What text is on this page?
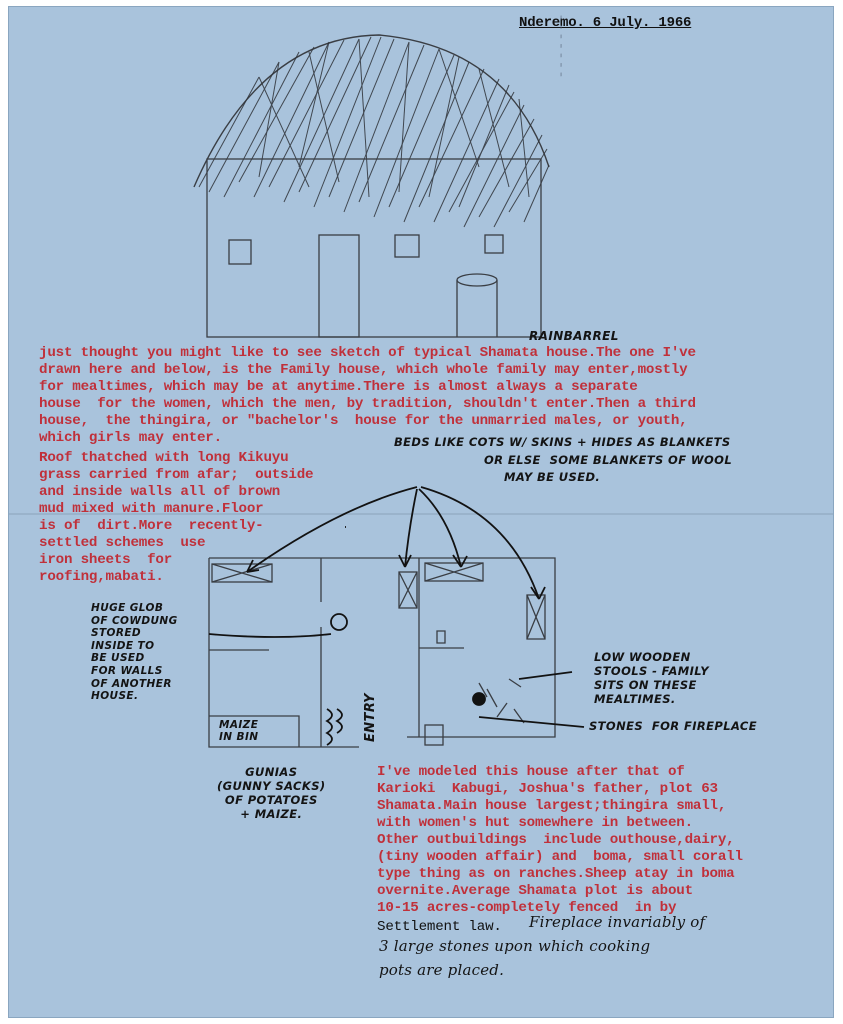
Nderemo. 6 July. 1966
- - - - - - -
RAINBARREL
just thought you might like to see sketch of typical Shamata house.The one I've
drawn here and below, is the Family house, which whole family may enter,mostly
for mealtimes, which may be at anytime.There is almost always a separate
house  for the women, which the men, by tradition, shouldn't enter.Then a third
house,  the thingira, or "bachelor's  house for the unmarried males, or youth,
which girls may enter.	BEDS LIKE COTS W/ SKINS + HIDES AS BLANKETS
OR ELSE  SOME BLANKETS OF WOOL
MAY BE USED.
Roof thatched with long Kikuyu
grass carried from afar;  outside
and inside walls all of brown
mud mixed with manure.Floor
is of  dirt.More  recently-
settled schemes  use
iron sheets  for
roofing,mabati.
HUGE GLOB
OF COWDUNG
STORED
INSIDE TO
BE USED
FOR WALLS
OF ANOTHER
HOUSE.
LOW WOODEN
STOOLS - FAMILY
SITS ON THESE
MEALTIMES.
STONES  FOR FIREPLACE
MAIZE
IN BIN	ENTRY
GUNIAS
(GUNNY SACKS)
OF POTATOES
+ MAIZE.
I've modeled this house after that of
Karioki  Kabugi, Joshua's father, plot 63
Shamata.Main house largest;thingira small,
with women's hut somewhere in between.
Other outbuildings  include outhouse,dairy,
(tiny wooden affair) and  boma, small corall
type thing as on ranches.Sheep atay in boma
overnite.Average Shamata plot is about
10-15 acres-completely fenced  in by
Settlement law. Fireplace invariably of
3 large stones upon which cooking
pots are placed.
